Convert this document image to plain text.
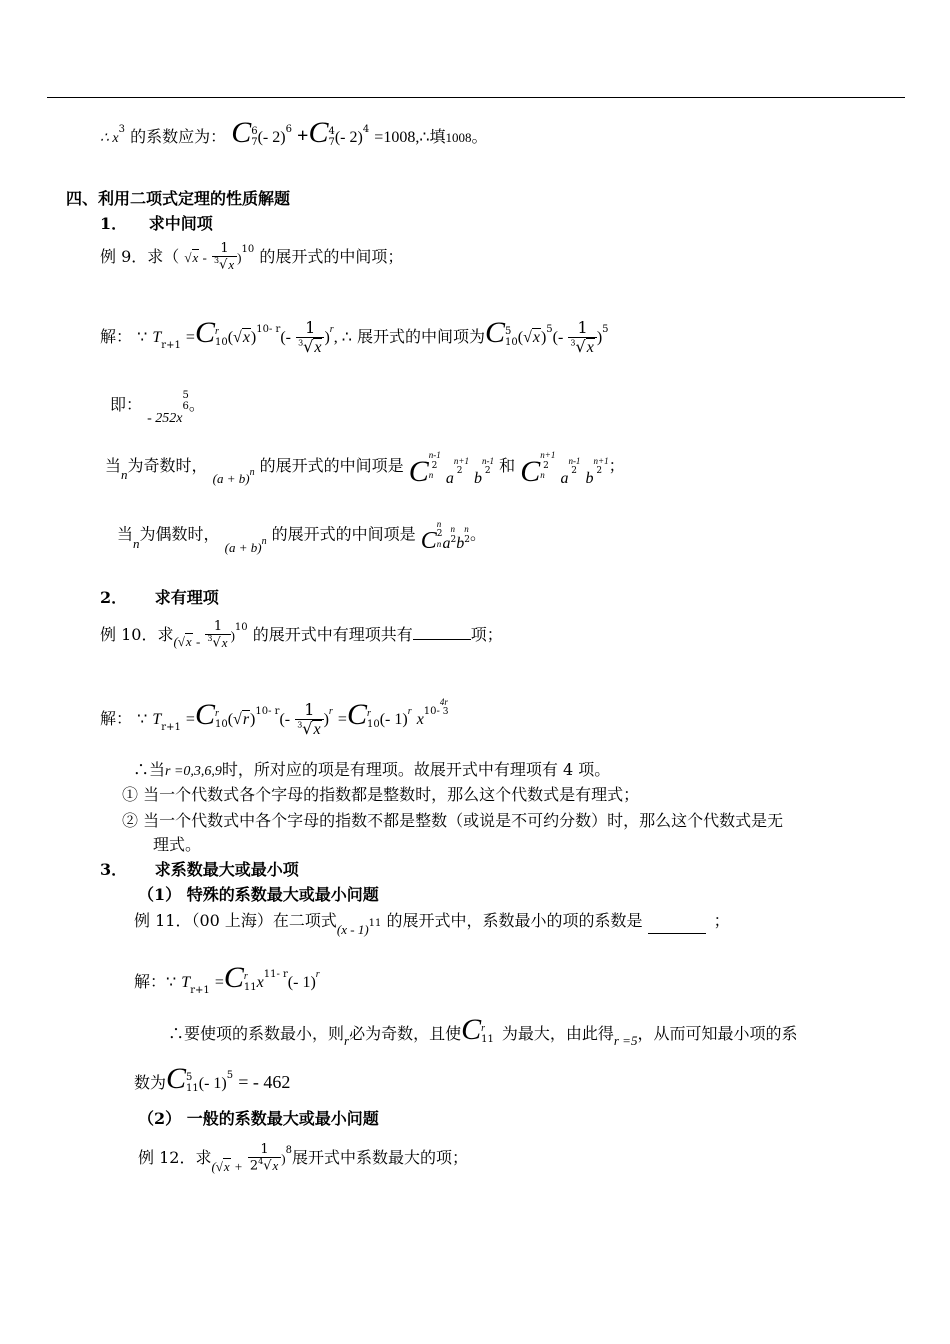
∴ $x^3$ 的系数应为： C6
7(- 2)$^6$ +C4
7(- 2)$^4$ =1008,∴填1008。
四、利用二项式定理的性质解题
1． 求中间项
例 9．求（ $√x - \frac{1}{^3√x} )^{10}$ 的展开式的中间项；
解： ∵ $T_{r+1} =Cr$
$10(√x)^{10- r}(- \frac{1}{^3√x} )^r$, ∴ 展开式的中间项为C5
$10(√x)^5(- \frac{1}{^3√x} )^5$
即： - 252x5
6。
当$_n$为奇数时， $_{(a + b)n}$ 的展开式的中间项是 Cn-1
2
n an+1
2 bn-1
2 和 Cn+1
2
n an-1
2 bn+1
2 ；
当$_n$为偶数时， $_{(a + b)n}$ 的展开式的中间项是 Cn
2
nan
2bn
2。
2． 求有理项
例 10．求$_{(√x -} \frac{1}{^3√x} )^{10}$ 的展开式中有理项共有	项；
解： ∵ $T_{r+1} =Cr$
$10(√r)^{10- r}(- \frac{1}{^3√x} )^r =Cr$
10(- 1)$^r$ $x^{10-}4r$
3
∴当r =0,3,6,9时，所对应的项是有理项。故展开式中有理项有 4 项。
① 当一个代数式各个字母的指数都是整数时，那么这个代数式是有理式；
② 当一个代数式中各个字母的指数不都是整数（或说是不可约分数）时，那么这个代数式是无
理式。
3． 求系数最大或最小项
（1） 特殊的系数最大或最小问题
例 11．（00 上海）在二项式$_{(x - 1)}$11 的展开式中，系数最小的项的系数是	；
解：∵ $T_{r+1} =Cr$
$11x^{11- r}(-$ 1)$^r$
∴要使项的系数最小，则$_r$必为奇数，且使Cr
11 为最大，由此得$_{r =5}$，从而可知最小项的系
数为C5
11(- 1)$^5$ = - 462
（2） 一般的系数最大或最小问题
例 12．求$_{(√x +} \frac{1}{2^4√x} )^8$展开式中系数最大的项；
